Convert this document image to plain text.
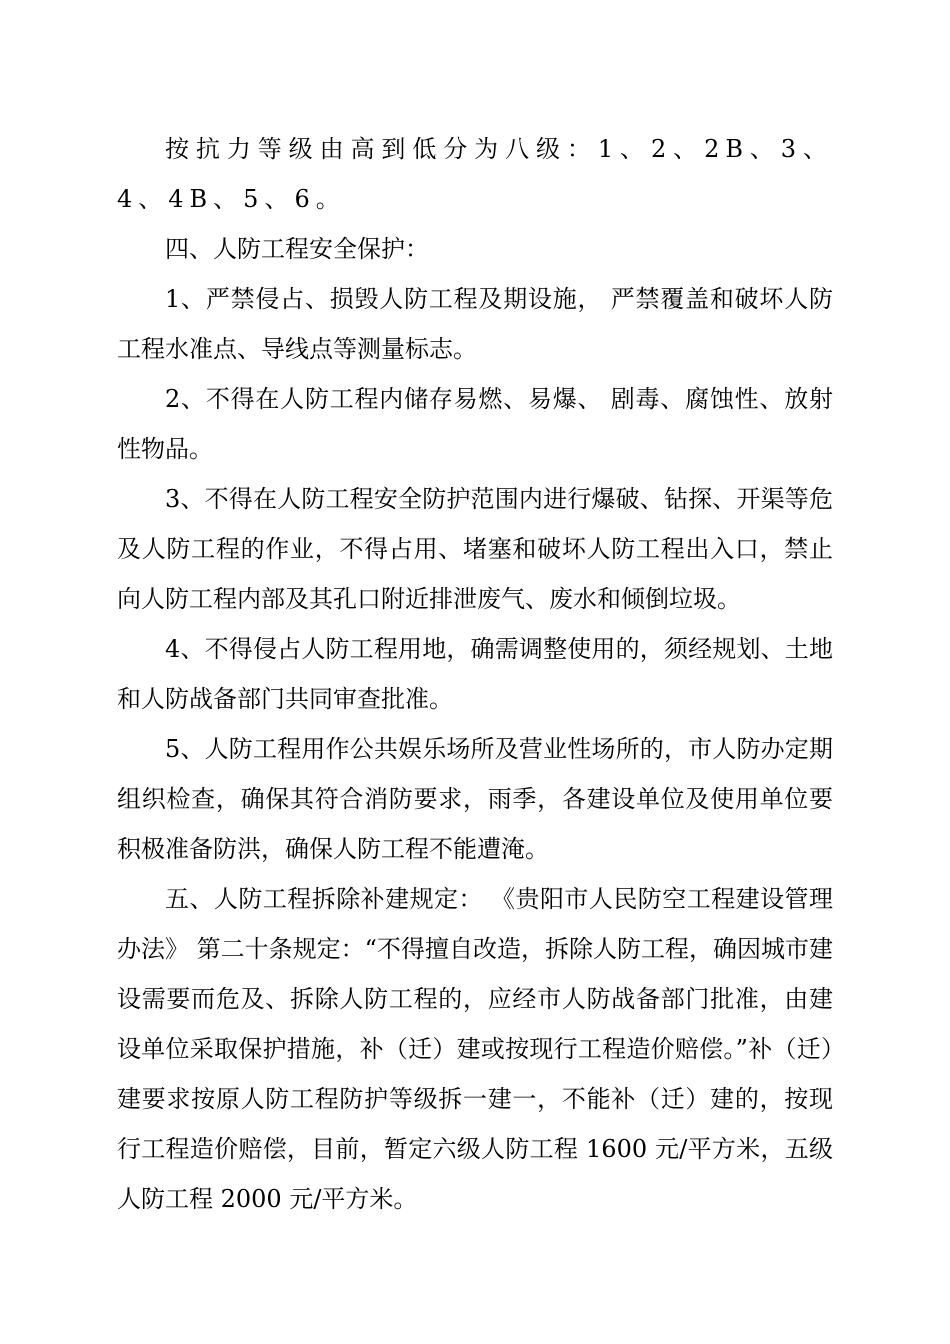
按抗力等级由高到低分为八级：1、2、2B、3、4、4B、5、6。

四、人防工程安全保护：

1、严禁侵占、损毁人防工程及期设施， 严禁覆盖和破坏人防工程水准点、导线点等测量标志。

2、不得在人防工程内储存易燃、易爆、 剧毒、腐蚀性、放射性物品。

3、不得在人防工程安全防护范围内进行爆破、钻探、开渠等危及人防工程的作业，不得占用、堵塞和破坏人防工程出入口，禁止向人防工程内部及其孔口附近排泄废气、废水和倾倒垃圾。

4、不得侵占人防工程用地，确需调整使用的，须经规划、土地和人防战备部门共同审查批准。

5、人防工程用作公共娱乐场所及营业性场所的，市人防办定期组织检查，确保其符合消防要求，雨季，各建设单位及使用单位要积极准备防洪，确保人防工程不能遭淹。

五、人防工程拆除补建规定： 《贵阳市人民防空工程建设管理办法》 第二十条规定：“不得擅自改造，拆除人防工程，确因城市建设需要而危及、拆除人防工程的，应经市人防战备部门批准，由建设单位采取保护措施，补（迁）建或按现行工程造价赔偿。”补（迁）建要求按原人防工程防护等级拆一建一，不能补（迁）建的，按现行工程造价赔偿，目前，暂定六级人防工程 1600 元/平方米，五级人防工程 2000 元/平方米。
